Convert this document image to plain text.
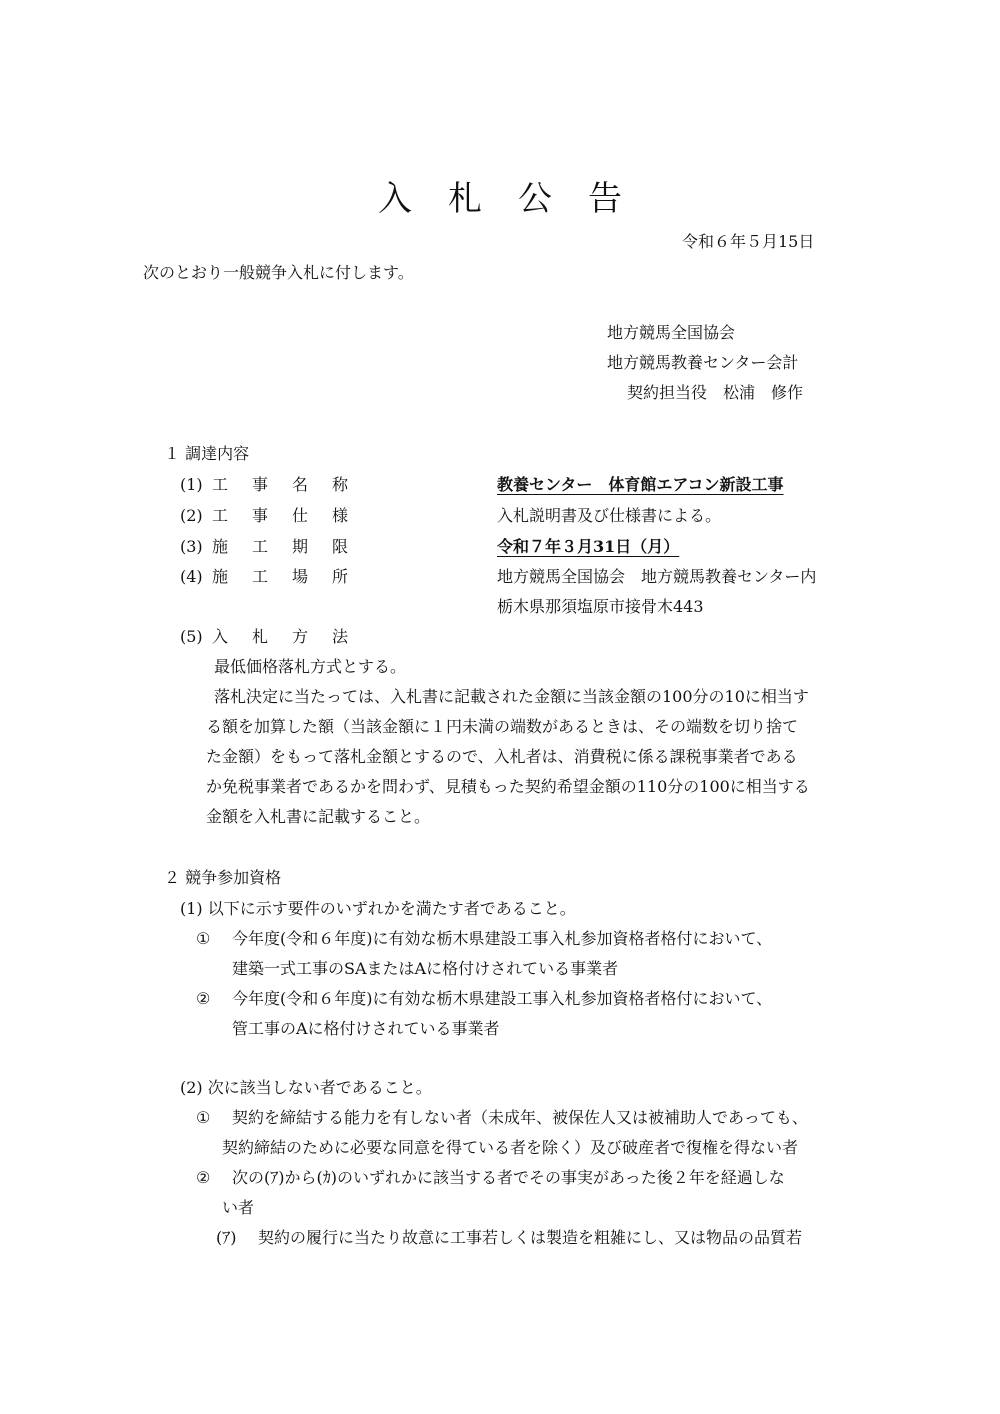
入 札 公 告
令和６年５月15日
次のとおり一般競争入札に付します。
地方競馬全国協会
地方競馬教養センター会計
契約担当役　松浦　修作
１ 調達内容
(1) 工 事 名 称	教養センター　体育館エアコン新設工事
(2) 工 事 仕 様	入札説明書及び仕様書による。
(3) 施 工 期 限	令和７年３月31日（月）
(4) 施 工 場 所	地方競馬全国協会　地方競馬教養センター内
栃木県那須塩原市接骨木443
(5) 入 札 方 法
最低価格落札方式とする。
落札決定に当たっては、入札書に記載された金額に当該金額の100分の10に相当す
る額を加算した額（当該金額に１円未満の端数があるときは、その端数を切り捨て
た金額）をもって落札金額とするので、入札者は、消費税に係る課税事業者である
か免税事業者であるかを問わず、見積もった契約希望金額の110分の100に相当する
金額を入札書に記載すること。
２ 競争参加資格
(1) 以下に示す要件のいずれかを満たす者であること。
① 今年度(令和６年度)に有効な栃木県建設工事入札参加資格者格付において、
建築一式工事のSAまたはAに格付けされている事業者
② 今年度(令和６年度)に有効な栃木県建設工事入札参加資格者格付において、
管工事のAに格付けされている事業者
(2) 次に該当しない者であること。
① 契約を締結する能力を有しない者（未成年、被保佐人又は被補助人であっても、
契約締結のために必要な同意を得ている者を除く）及び破産者で復権を得ない者
② 次の(ｱ)から(ｶ)のいずれかに該当する者でその事実があった後２年を経過しな
い者
(ｱ) 契約の履行に当たり故意に工事若しくは製造を粗雑にし、又は物品の品質若
